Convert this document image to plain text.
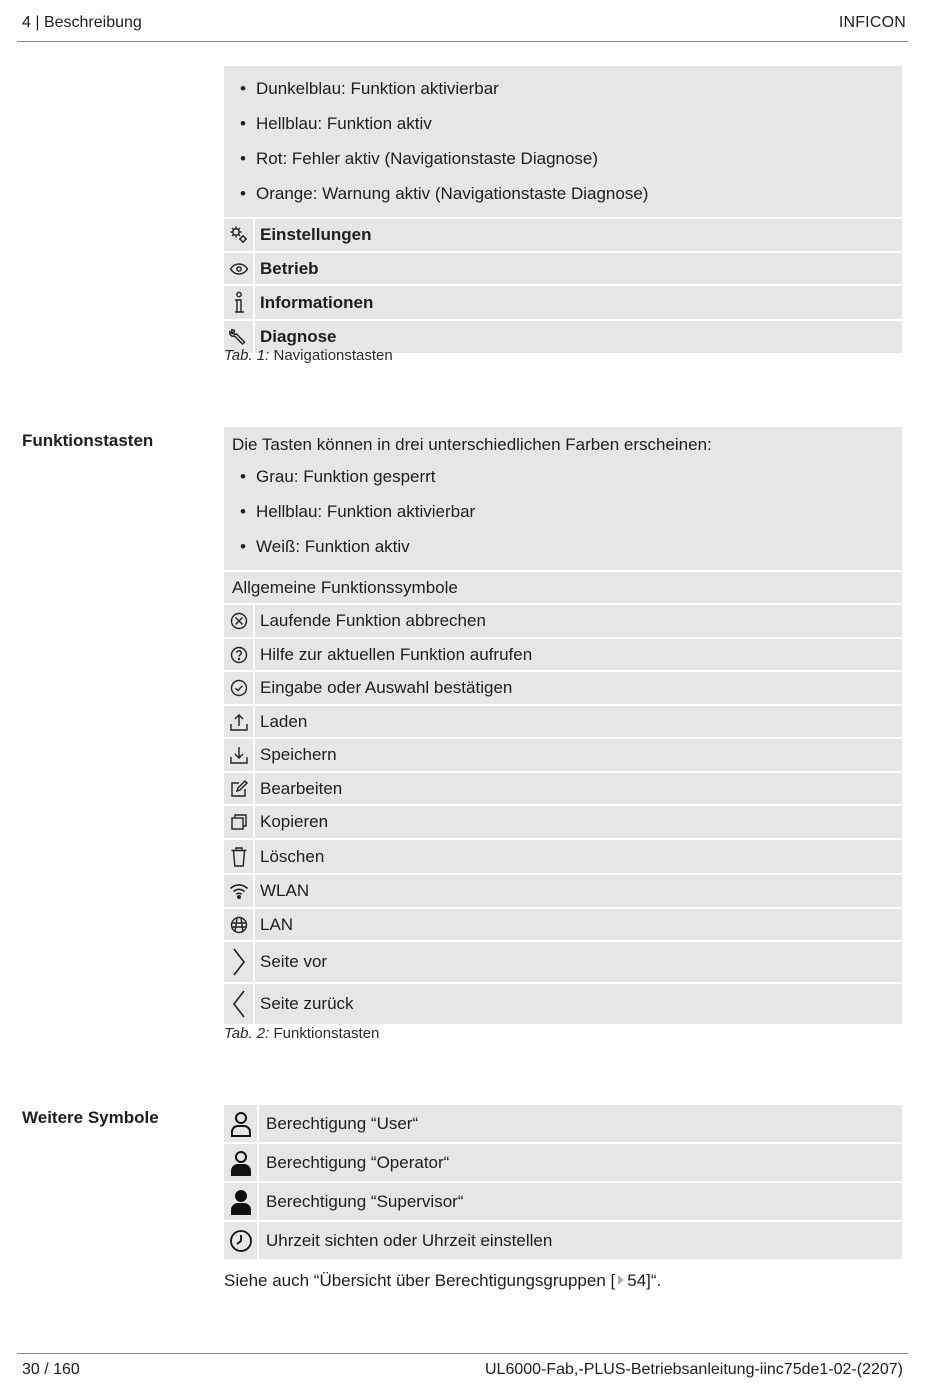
4 | Beschreibung	INFICON
• Dunkelblau: Funktion aktivierbar
• Hellblau: Funktion aktiv
• Rot: Fehler aktiv (Navigationstaste Diagnose)
• Orange: Warnung aktiv (Navigationstaste Diagnose)
Einstellungen
Betrieb
Informationen
Diagnose
Tab. 1: Navigationstasten
Funktionstasten	Die Tasten können in drei unterschiedlichen Farben erscheinen:
• Grau: Funktion gesperrt
• Hellblau: Funktion aktivierbar
• Weiß: Funktion aktiv
Allgemeine Funktionssymbole
Laufende Funktion abbrechen
Hilfe zur aktuellen Funktion aufrufen
Eingabe oder Auswahl bestätigen
Laden
Speichern
Bearbeiten
Kopieren
Löschen
WLAN
LAN
Seite vor
Seite zurück
Tab. 2: Funktionstasten
Weitere Symbole	Berechtigung “User“
Berechtigung “Operator“
Berechtigung “Supervisor“
Uhrzeit sichten oder Uhrzeit einstellen
Siehe auch “Übersicht über Berechtigungsgruppen [ 54]“.
30 / 160	UL6000-Fab,-PLUS-Betriebsanleitung-iinc75de1-02-(2207)
